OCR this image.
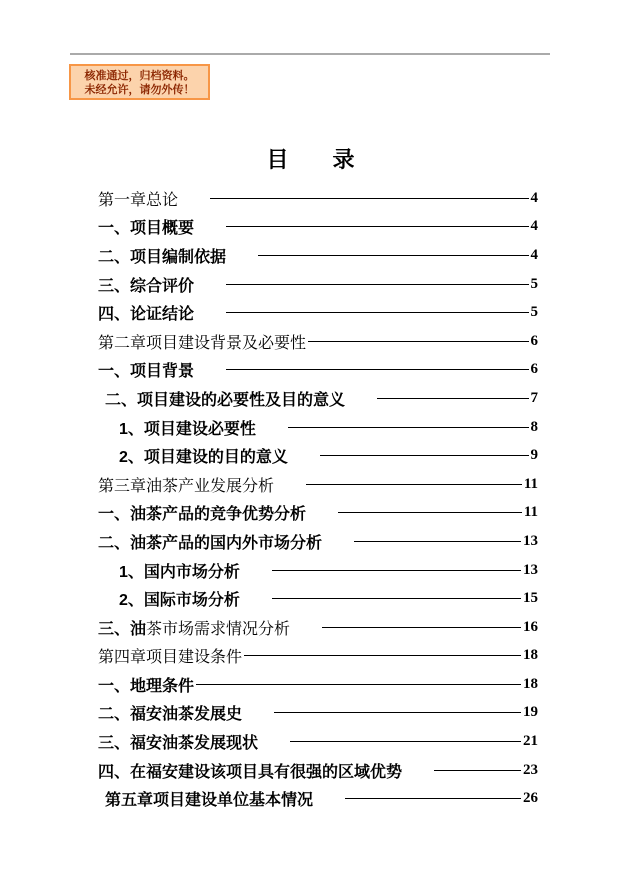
核准通过，归档资料。
未经允许，请勿外传！
目　　录
第一章总论	4
一、项目概要	4
二、项目编制依据	4
三、综合评价	5
四、论证结论	5
第二章项目建设背景及必要性	6
一、项目背景	6
二、项目建设的必要性及目的意义	7
1、项目建设必要性	8
2、项目建设的目的意义	9
第三章油茶产业发展分析	11
一、油茶产品的竞争优势分析	11
二、油茶产品的国内外市场分析	13
1、国内市场分析	13
2、国际市场分析	15
三、油茶市场需求情况分析	16
第四章项目建设条件	18
一、地理条件	18
二、福安油茶发展史	19
三、福安油茶发展现状	21
四、在福安建设该项目具有很强的区域优势	23
第五章项目建设单位基本情况	26
